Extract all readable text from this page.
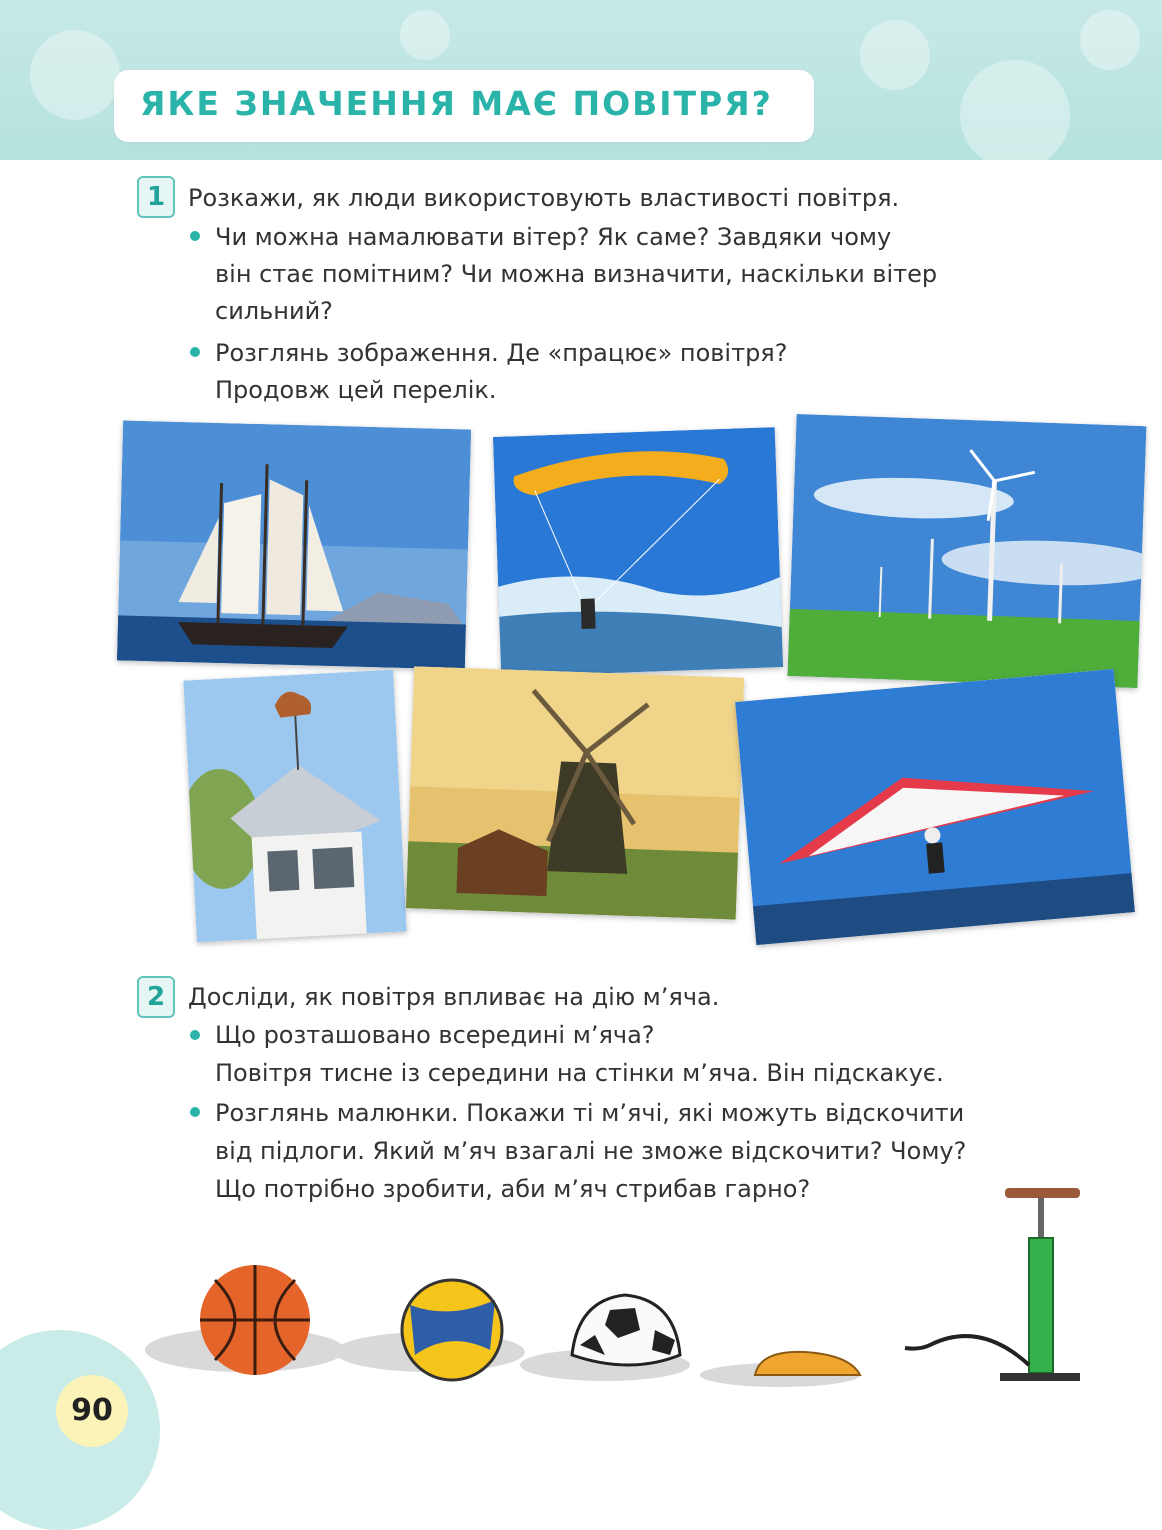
ЯКЕ ЗНАЧЕННЯ МАЄ ПОВІТРЯ?
1 Розкажи, як люди використовують властивості повітря.
Чи можна намалювати вітер? Як саме? Завдяки чому
він стає помітним? Чи можна визначити, наскільки вітер
сильний?
Розглянь зображення. Де «працює» повітря?
Продовж цей перелік.
2 Досліди, як повітря впливає на дію м’яча.
Що розташовано всередині м’яча?
Повітря тисне із середини на стінки м’яча. Він підскакує.
Розглянь малюнки. Покажи ті м’ячі, які можуть відскочити
від підлоги. Який м’яч взагалі не зможе відскочити? Чому?
Що потрібно зробити, аби м’яч стрибав гарно?
90
